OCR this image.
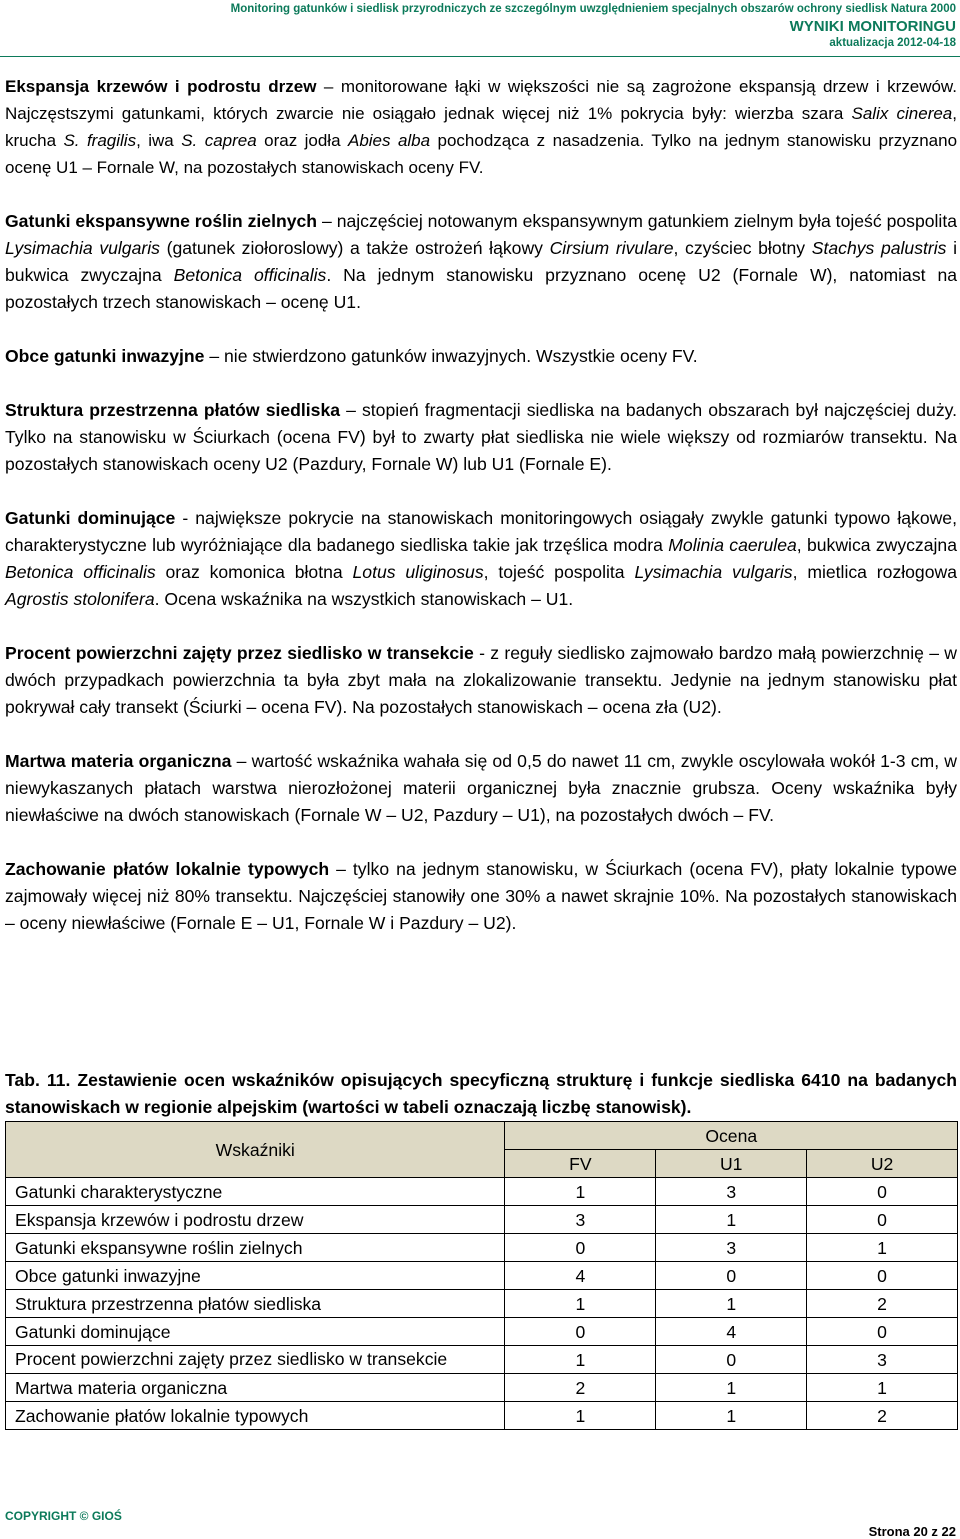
Monitoring gatunków i siedlisk przyrodniczych ze szczególnym uwzględnieniem specjalnych obszarów ochrony siedlisk Natura 2000
WYNIKI MONITORINGU
aktualizacja 2012-04-18

Ekspansja krzewów i podrostu drzew – monitorowane łąki w większości nie są zagrożone ekspansją drzew i krzewów. Najczęstszymi gatunkami, których zwarcie nie osiągało jednak więcej niż 1% pokrycia były: wierzba szara Salix cinerea, krucha S. fragilis, iwa S. caprea oraz jodła Abies alba pochodząca z nasadzenia. Tylko na jednym stanowisku przyznano ocenę U1 – Fornale W, na pozostałych stanowiskach oceny FV.

Gatunki ekspansywne roślin zielnych – najczęściej notowanym ekspansywnym gatunkiem zielnym była tojeść pospolita Lysimachia vulgaris (gatunek ziołoroslowy) a także ostrożeń łąkowy Cirsium rivulare, czyściec błotny Stachys palustris i bukwica zwyczajna Betonica officinalis. Na jednym stanowisku przyznano ocenę U2 (Fornale W), natomiast na pozostałych trzech stanowiskach – ocenę U1.

Obce gatunki inwazyjne – nie stwierdzono gatunków inwazyjnych. Wszystkie oceny FV.

Struktura przestrzenna płatów siedliska – stopień fragmentacji siedliska na badanych obszarach był najczęściej duży. Tylko na stanowisku w Ściurkach (ocena FV) był to zwarty płat siedliska nie wiele większy od rozmiarów transektu. Na pozostałych stanowiskach oceny U2 (Pazdury, Fornale W) lub U1 (Fornale E).

Gatunki dominujące - największe pokrycie na stanowiskach monitoringowych osiągały zwykle gatunki typowo łąkowe, charakterystyczne lub wyróżniające dla badanego siedliska takie jak trzęślica modra Molinia caerulea, bukwica zwyczajna Betonica officinalis oraz komonica błotna Lotus uliginosus, tojeść pospolita Lysimachia vulgaris, mietlica rozłogowa Agrostis stolonifera. Ocena wskaźnika na wszystkich stanowiskach – U1.

Procent powierzchni zajęty przez siedlisko w transekcie - z reguły siedlisko zajmowało bardzo małą powierzchnię – w dwóch przypadkach powierzchnia ta była zbyt mała na zlokalizowanie transektu. Jedynie na jednym stanowisku płat pokrywał cały transekt (Ściurki – ocena FV). Na pozostałych stanowiskach – ocena zła (U2).

Martwa materia organiczna – wartość wskaźnika wahała się od 0,5 do nawet 11 cm, zwykle oscylowała wokół 1-3 cm, w niewykaszanych płatach warstwa nierozłożonej materii organicznej była znacznie grubsza. Oceny wskaźnika były niewłaściwe na dwóch stanowiskach (Fornale W – U2, Pazdury – U1), na pozostałych dwóch – FV.

Zachowanie płatów lokalnie typowych – tylko na jednym stanowisku, w Ściurkach (ocena FV), płaty lokalnie typowe zajmowały więcej niż 80% transektu. Najczęściej stanowiły one 30% a nawet skrajnie 10%. Na pozostałych stanowiskach – oceny niewłaściwe (Fornale E – U1, Fornale W i Pazdury – U2).

Tab. 11. Zestawienie ocen wskaźników opisujących specyficzną strukturę i funkcje siedliska 6410 na badanych stanowiskach w regionie alpejskim (wartości w tabeli oznaczają liczbę stanowisk).
Wskaźniki	Ocena		
	FV	U1	U2
Gatunki charakterystyczne	1	3	0
Ekspansja krzewów i podrostu drzew	3	1	0
Gatunki ekspansywne roślin zielnych	0	3	1
Obce gatunki inwazyjne	4	0	0
Struktura przestrzenna płatów siedliska	1	1	2
Gatunki dominujące	0	4	0
Procent powierzchni zajęty przez siedlisko w transekcie	1	0	3
Martwa materia organiczna	2	1	1
Zachowanie płatów lokalnie typowych	1	1	2
COPYRIGHT © GIOŚ
Strona 20 z 22
